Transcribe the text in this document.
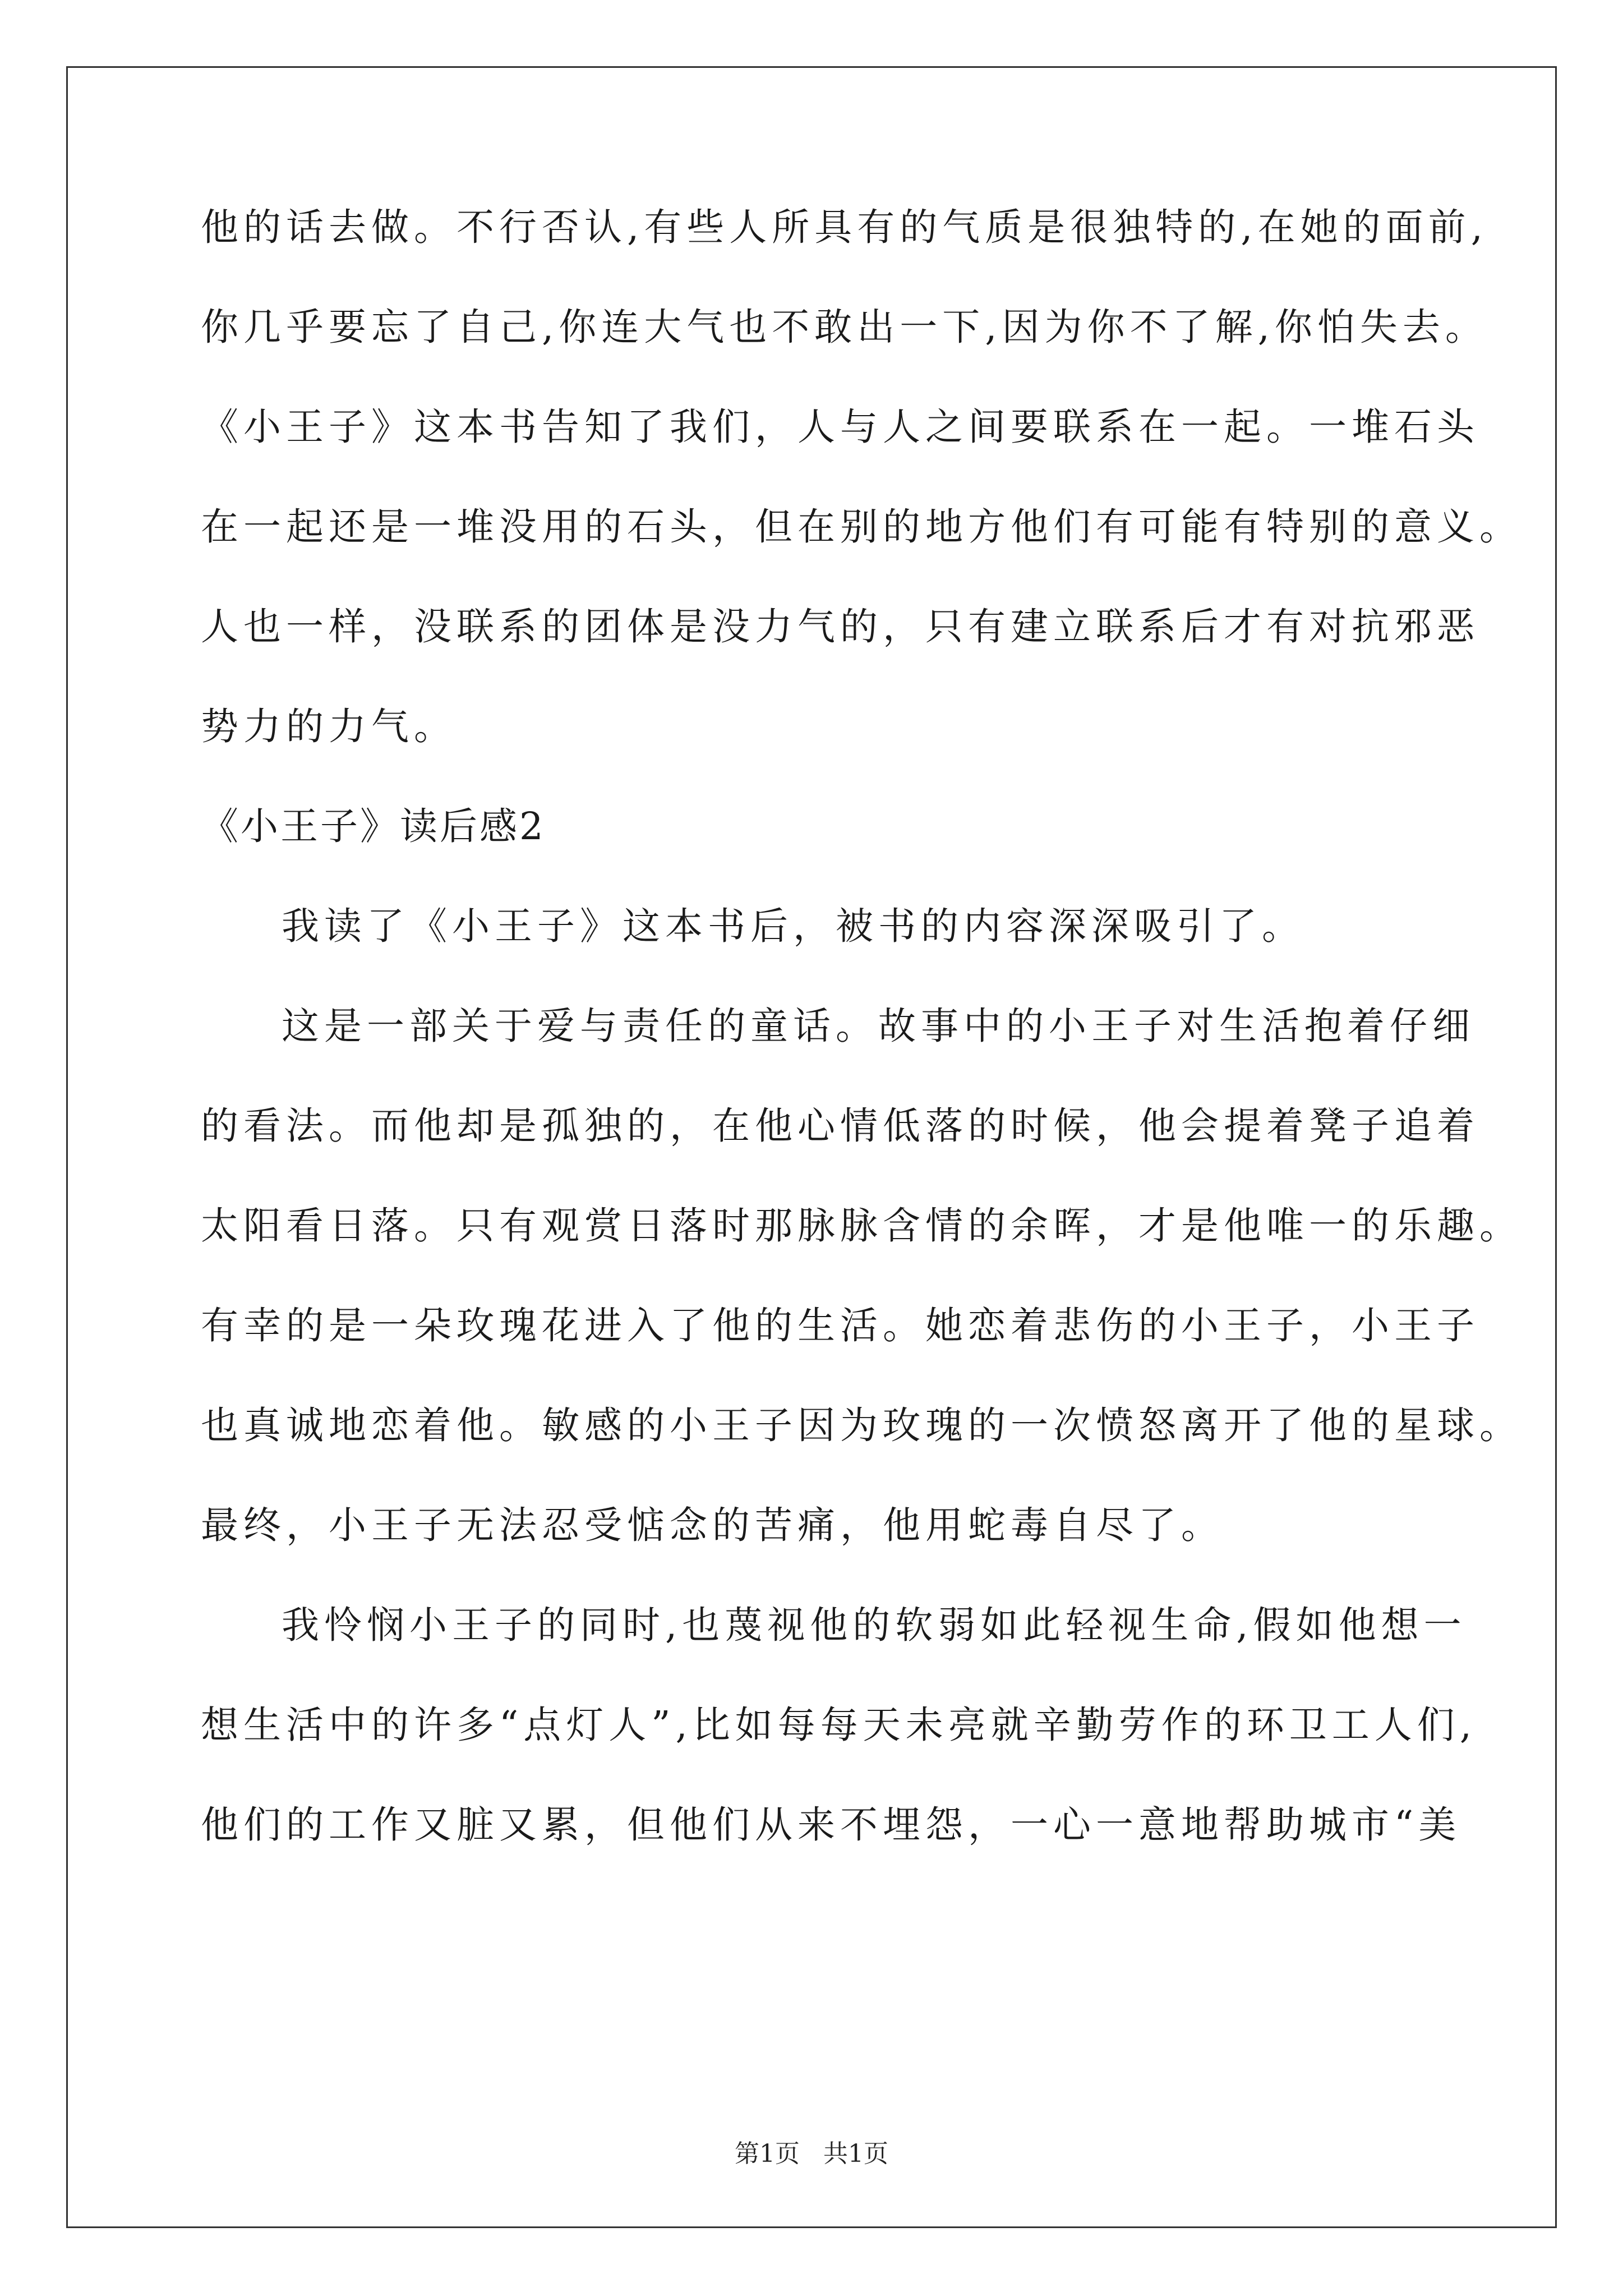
他的话去做。不行否认,有些人所具有的气质是很独特的,在她的面前,
你几乎要忘了自己,你连大气也不敢出一下,因为你不了解,你怕失去。
《小王子》这本书告知了我们，人与人之间要联系在一起。一堆石头
在一起还是一堆没用的石头，但在别的地方他们有可能有特别的意义。
人也一样，没联系的团体是没力气的，只有建立联系后才有对抗邪恶
势力的力气。
《小王子》读后感2
我读了《小王子》这本书后，被书的内容深深吸引了。
这是一部关于爱与责任的童话。故事中的小王子对生活抱着仔细
的看法。而他却是孤独的，在他心情低落的时候，他会提着凳子追着
太阳看日落。只有观赏日落时那脉脉含情的余晖，才是他唯一的乐趣。
有幸的是一朵玫瑰花进入了他的生活。她恋着悲伤的小王子，小王子
也真诚地恋着他。敏感的小王子因为玫瑰的一次愤怒离开了他的星球。
最终，小王子无法忍受惦念的苦痛，他用蛇毒自尽了。
我怜悯小王子的同时,也蔑视他的软弱如此轻视生命,假如他想一
想生活中的许多“点灯人”,比如每每天未亮就辛勤劳作的环卫工人们,
他们的工作又脏又累，但他们从来不埋怨，一心一意地帮助城市“美
第1页   共1页
